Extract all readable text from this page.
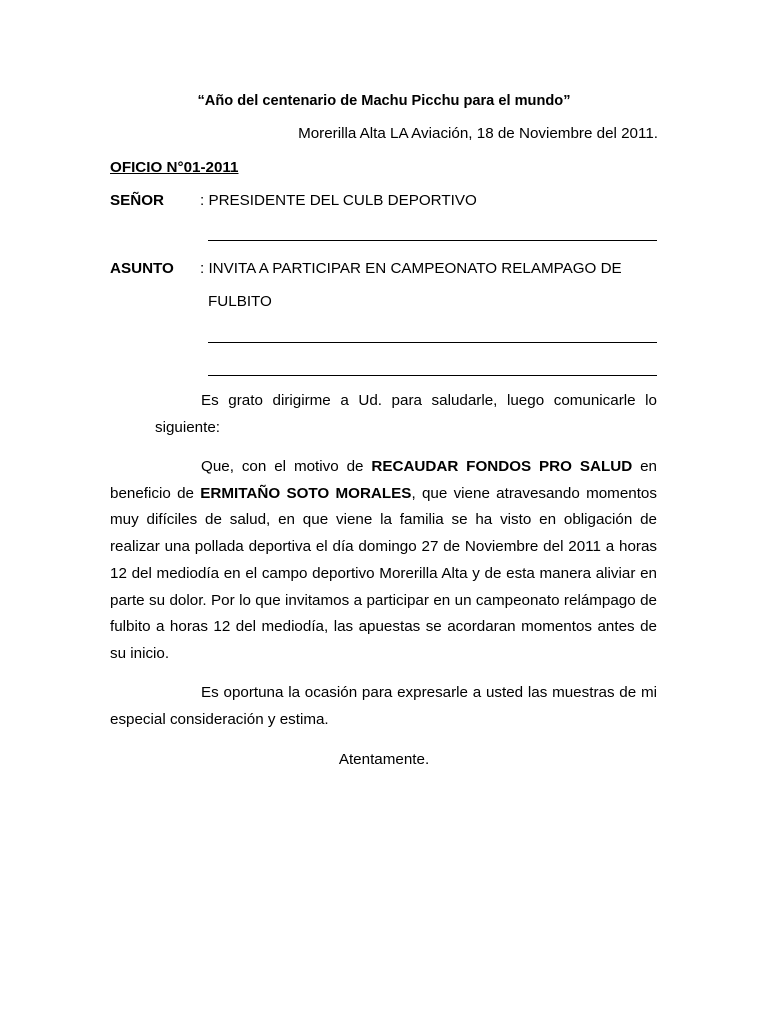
“Año del centenario de Machu Picchu para el mundo”
Morerilla Alta LA Aviación, 18 de Noviembre del 2011.
OFICIO N°01-2011
SEÑOR : PRESIDENTE DEL CULB DEPORTIVO
ASUNTO : INVITA A PARTICIPAR EN CAMPEONATO RELAMPAGO DE
FULBITO

Es grato dirigirme a Ud. para saludarle, luego comunicarle lo siguiente:

Que, con el motivo de RECAUDAR FONDOS PRO SALUD en beneficio de ERMITAÑO SOTO MORALES, que viene atravesando momentos muy difíciles de salud, en que viene la familia se ha visto en obligación de realizar una pollada deportiva el día domingo 27 de Noviembre del 2011 a horas 12 del mediodía en el campo deportivo Morerilla Alta y de esta manera aliviar en parte su dolor. Por lo que invitamos a participar en un campeonato relámpago de fulbito a horas 12 del mediodía, las apuestas se acordaran momentos antes de su inicio.

Es oportuna la ocasión para expresarle a usted las muestras de mi especial consideración y estima.

Atentamente.
